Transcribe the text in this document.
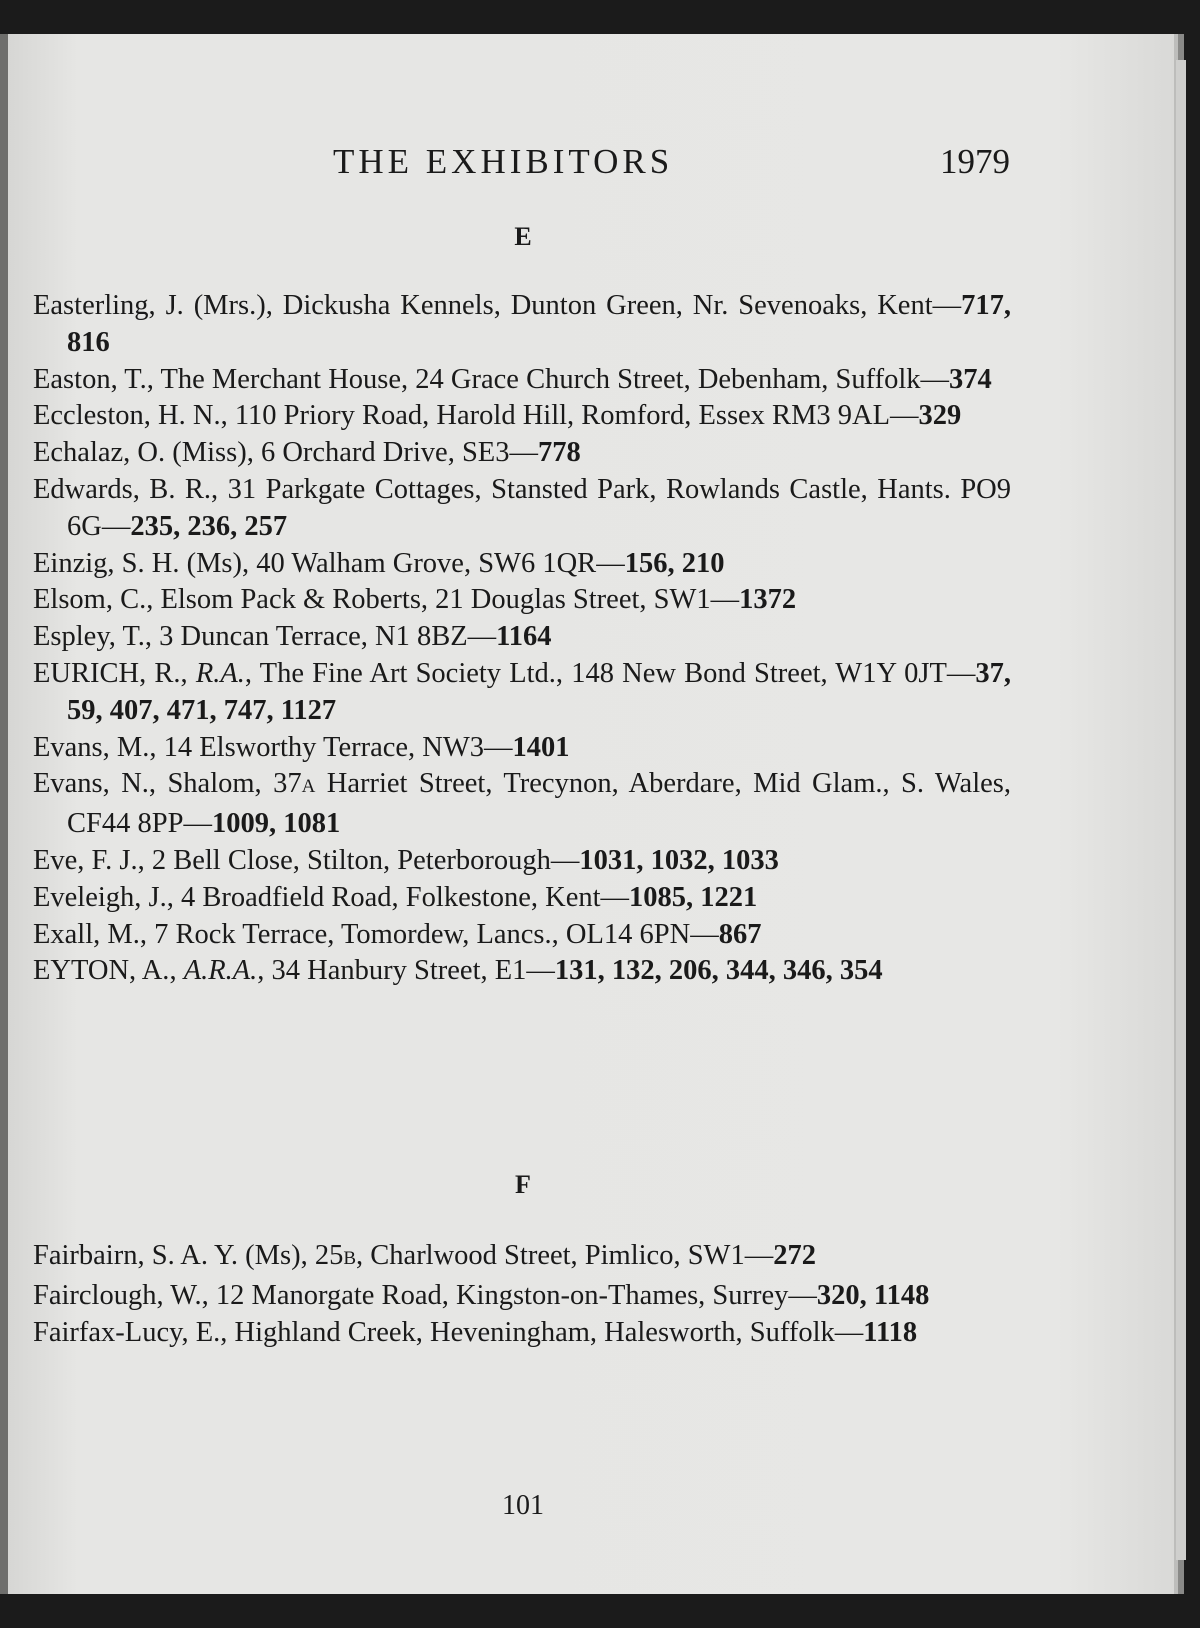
THE EXHIBITORS	1979
E
Easterling, J. (Mrs.), Dickusha Kennels, Dunton Green, Nr. Sevenoaks, Kent—717, 816
Easton, T., The Merchant House, 24 Grace Church Street, Debenham, Suffolk—374
Eccleston, H. N., 110 Priory Road, Harold Hill, Romford, Essex RM3 9AL—329
Echalaz, O. (Miss), 6 Orchard Drive, SE3—778
Edwards, B. R., 31 Parkgate Cottages, Stansted Park, Rowlands Castle, Hants. PO9 6G—235, 236, 257
Einzig, S. H. (Ms), 40 Walham Grove, SW6 1QR—156, 210
Elsom, C., Elsom Pack & Roberts, 21 Douglas Street, SW1—1372
Espley, T., 3 Duncan Terrace, N1 8BZ—1164
EURICH, R., R.A., The Fine Art Society Ltd., 148 New Bond Street, W1Y 0JT—37, 59, 407, 471, 747, 1127
Evans, M., 14 Elsworthy Terrace, NW3—1401
Evans, N., Shalom, 37A Harriet Street, Trecynon, Aberdare, Mid Glam., S. Wales, CF44 8PP—1009, 1081
Eve, F. J., 2 Bell Close, Stilton, Peterborough—1031, 1032, 1033
Eveleigh, J., 4 Broadfield Road, Folkestone, Kent—1085, 1221
Exall, M., 7 Rock Terrace, Tomordew, Lancs., OL14 6PN—867
EYTON, A., A.R.A., 34 Hanbury Street, E1—131, 132, 206, 344, 346, 354
F
Fairbairn, S. A. Y. (Ms), 25B, Charlwood Street, Pimlico, SW1—272
Fairclough, W., 12 Manorgate Road, Kingston-on-Thames, Surrey—320, 1148
Fairfax-Lucy, E., Highland Creek, Heveningham, Halesworth, Suffolk—1118
101
